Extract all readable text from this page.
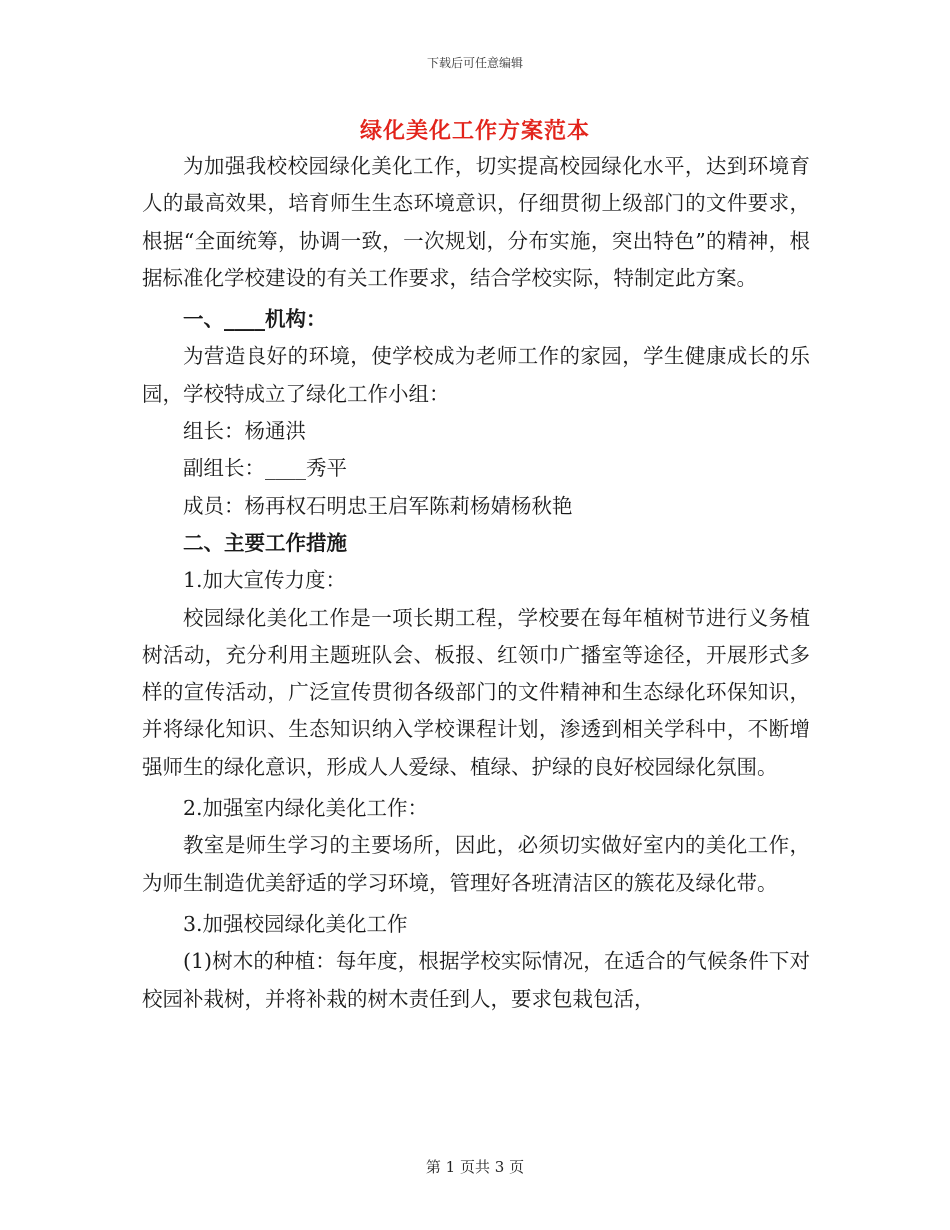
下载后可任意编辑
绿化美化工作方案范本

为加强我校校园绿化美化工作，切实提高校园绿化水平，达到环境育人的最高效果，培育师生生态环境意识，仔细贯彻上级部门的文件要求，根据“全面统筹，协调一致，一次规划，分布实施，突出特色”的精神，根据标准化学校建设的有关工作要求，结合学校实际，特制定此方案。

一、____机构：

为营造良好的环境，使学校成为老师工作的家园，学生健康成长的乐园，学校特成立了绿化工作小组：

组长：杨通洪

副组长：____秀平

成员：杨再权石明忠王启军陈莉杨婧杨秋艳

二、主要工作措施

1.加大宣传力度：

校园绿化美化工作是一项长期工程，学校要在每年植树节进行义务植树活动，充分利用主题班队会、板报、红领巾广播室等途径，开展形式多样的宣传活动，广泛宣传贯彻各级部门的文件精神和生态绿化环保知识，并将绿化知识、生态知识纳入学校课程计划，渗透到相关学科中，不断增强师生的绿化意识，形成人人爱绿、植绿、护绿的良好校园绿化氛围。

2.加强室内绿化美化工作：

教室是师生学习的主要场所，因此，必须切实做好室内的美化工作，为师生制造优美舒适的学习环境，管理好各班清洁区的簇花及绿化带。

3.加强校园绿化美化工作

(1)树木的种植：每年度，根据学校实际情况，在适合的气候条件下对校园补栽树，并将补栽的树木责任到人，要求包栽包活，

第 1 页共 3 页
